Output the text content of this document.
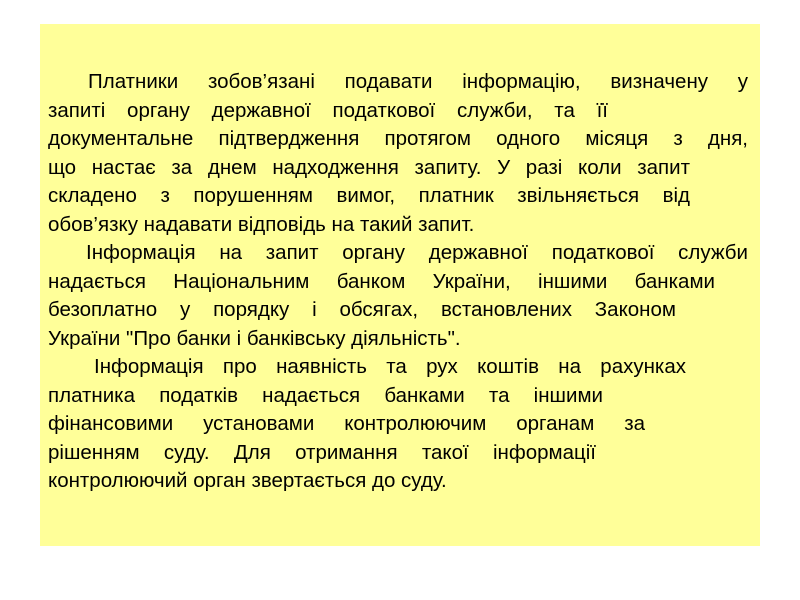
Платники зобов’язані подавати інформацію, визначену у
запиті органу державної податкової служби, та її
документальне підтвердження протягом одного місяця з дня,
що настає за днем надходження запиту. У разі коли запит
складено з порушенням вимог, платник звільняється від
обов’язку надавати відповідь на такий запит.
Інформація на запит органу державної податкової служби
надається Національним банком України, іншими банками
безоплатно у порядку і обсягах, встановлених Законом
України "Про банки і банківську діяльність".
Інформація про наявність та рух коштів на рахунках
платника податків надається банками та іншими
фінансовими установами контролюючим органам за
рішенням суду. Для отримання такої інформації
контролюючий орган звертається до суду.
